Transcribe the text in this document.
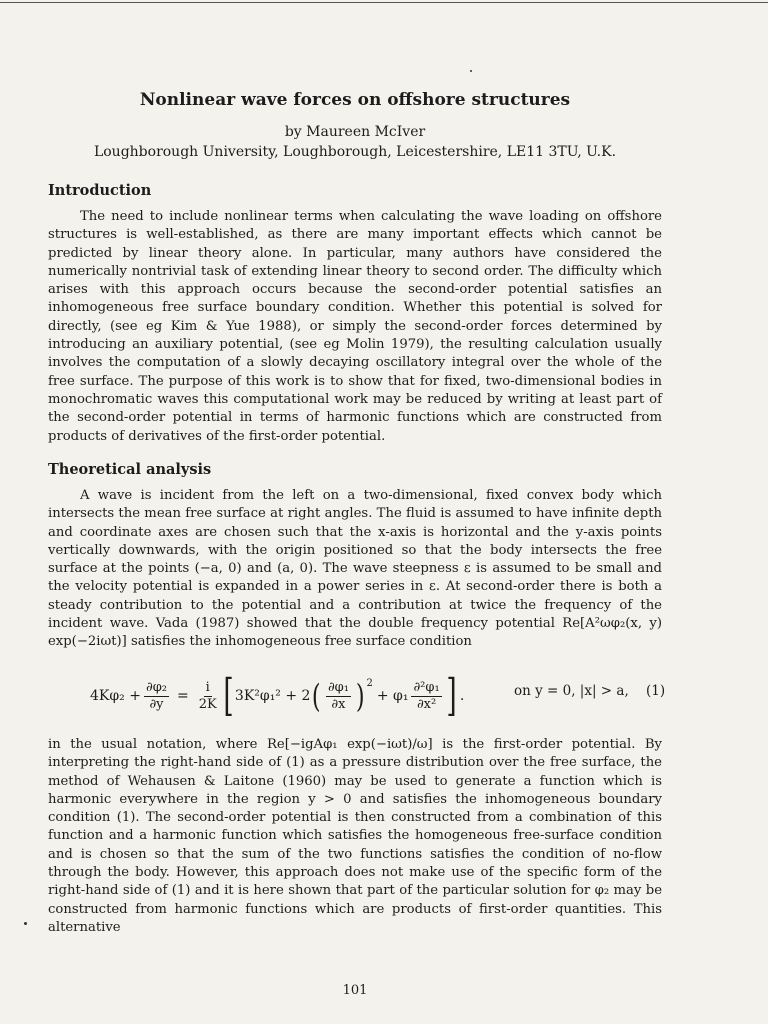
Nonlinear wave forces on offshore structures
by Maureen McIver
Loughborough University, Loughborough, Leicestershire, LE11 3TU, U.K.
Introduction

The need to include nonlinear terms when calculating the wave loading on offshore structures is well-established, as there are many important effects which cannot be predicted by linear theory alone. In particular, many authors have considered the numerically nontrivial task of extending linear theory to second order. The difficulty which arises with this approach occurs because the second-order potential satisfies an inhomogeneous free surface boundary condition. Whether this potential is solved for directly, (see eg Kim & Yue 1988), or simply the second-order forces determined by introducing an auxiliary potential, (see eg Molin 1979), the resulting calculation usually involves the computation of a slowly decaying oscillatory integral over the whole of the free surface. The purpose of this work is to show that for fixed, two-dimensional bodies in monochromatic waves this computational work may be reduced by writing at least part of the second-order potential in terms of harmonic functions which are constructed from products of derivatives of the first-order potential.

Theoretical analysis

A wave is incident from the left on a two-dimensional, fixed convex body which intersects the mean free surface at right angles. The fluid is assumed to have infinite depth and coordinate axes are chosen such that the x-axis is horizontal and the y-axis points vertically downwards, with the origin positioned so that the body intersects the free surface at the points (−a, 0) and (a, 0). The wave steepness ε is assumed to be small and the velocity potential is expanded in a power series in ε. At second-order there is both a steady contribution to the potential and a contribution at twice the frequency of the incident wave. Vada (1987) showed that the double frequency potential Re[A²ωφ₂(x, y) exp(−2iωt)] satisfies the inhomogeneous free surface condition

$4K\varphi_2 + \frac{\text{∂φ₂}}{\partial y} = \frac{i}{2K}$ [ 3K²φ₁² + 2 ( $\frac{\text{∂φ₁}}{\partial x} )^2$
+ $\varphi_1 \frac{\text{∂²φ₁}}{\text{∂x²}}$ ] .	on y = 0, |x| > a, (1)

in the usual notation, where Re[−igAφ₁ exp(−iωt)/ω] is the first-order potential. By interpreting the right-hand side of (1) as a pressure distribution over the free surface, the method of Wehausen & Laitone (1960) may be used to generate a function which is harmonic everywhere in the region y > 0 and satisfies the inhomogeneous boundary condition (1). The second-order potential is then constructed from a combination of this function and a harmonic function which satisfies the homogeneous free-surface condition and is chosen so that the sum of the two functions satisfies the condition of no-flow through the body. However, this approach does not make use of the specific form of the right-hand side of (1) and it is here shown that part of the particular solution for φ₂ may be constructed from harmonic functions which are products of first-order quantities. This alternative

101
